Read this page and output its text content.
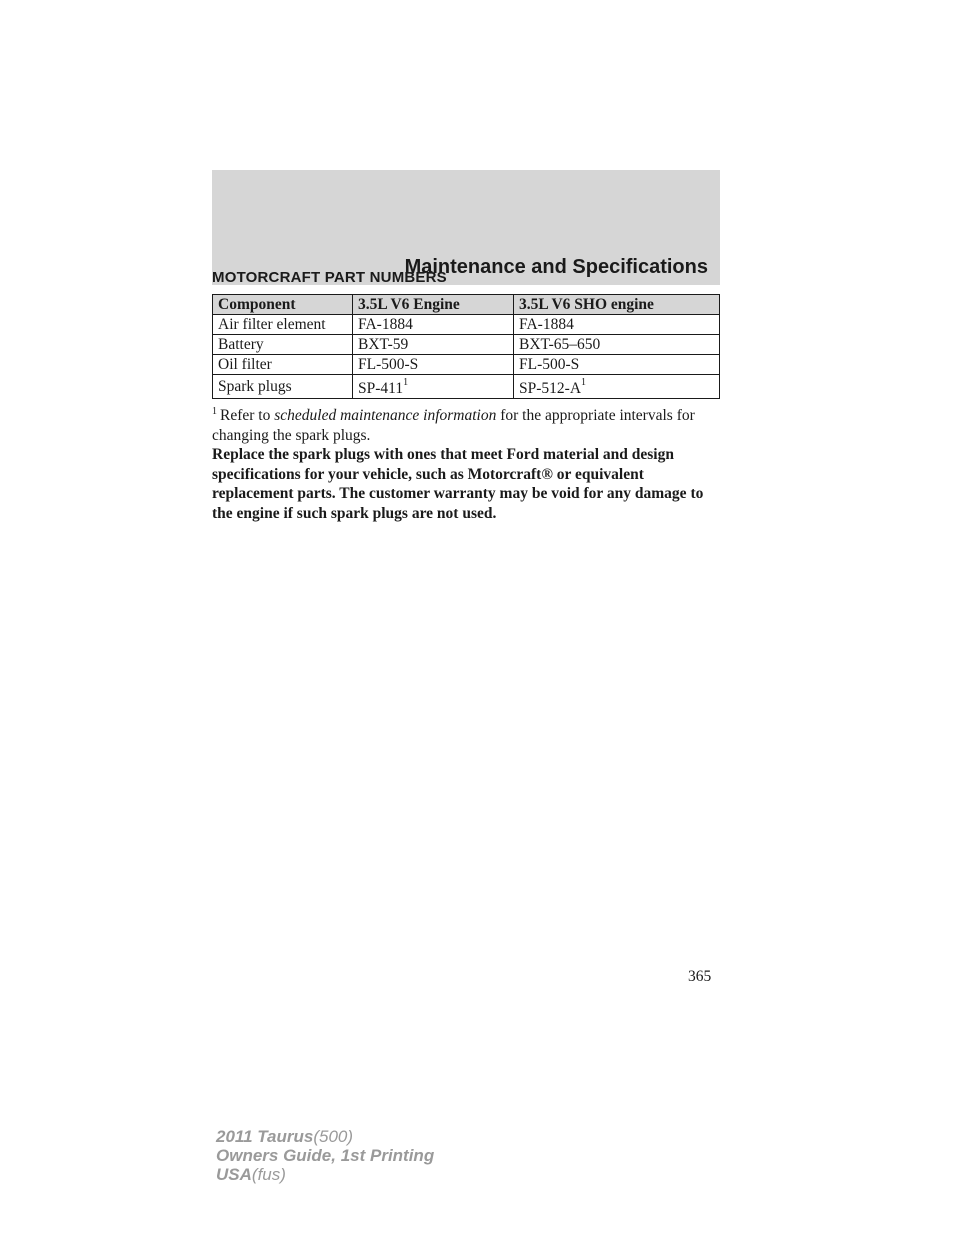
Maintenance and Specifications
MOTORCRAFT PART NUMBERS
Component	3.5L V6 Engine	3.5L V6 SHO engine
Air filter element	FA-1884	FA-1884
Battery	BXT-59	BXT-65–650
Oil filter	FL-500-S	FL-500-S
Spark plugs	SP-411$^1$	SP-512-A$^1$
$^1$ Refer to scheduled maintenance information for the appropriate intervals for changing the spark plugs.
Replace the spark plugs with ones that meet Ford material and design specifications for your vehicle, such as Motorcraft® or equivalent replacement parts. The customer warranty may be void for any damage to the engine if such spark plugs are not used.
365
2011 Taurus(500)
Owners Guide, 1st Printing
USA(fus)
